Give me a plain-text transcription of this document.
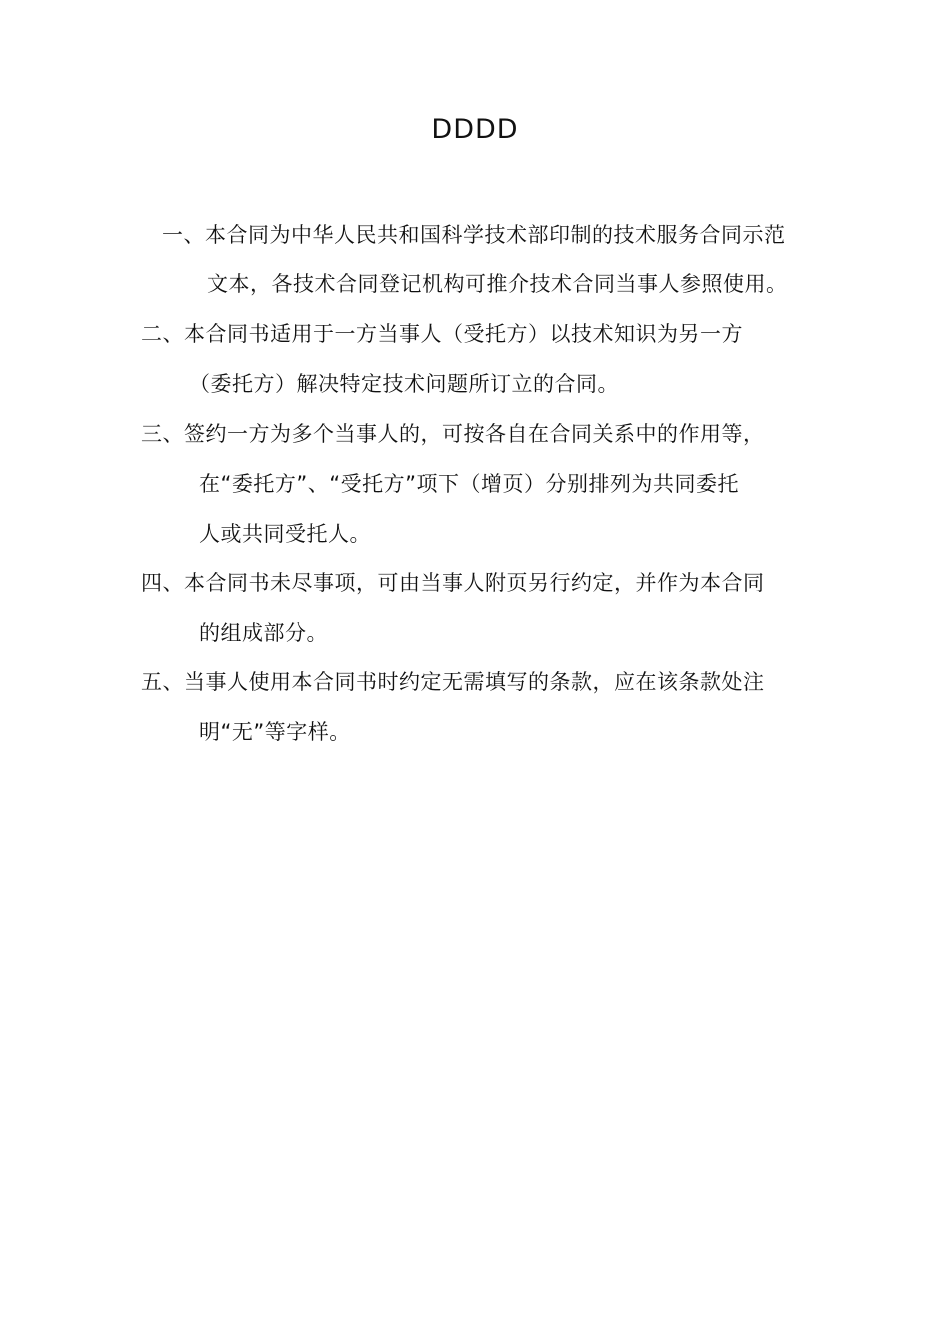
DDDD
一、本合同为中华人民共和国科学技术部印制的技术服务合同示范
文本，各技术合同登记机构可推介技术合同当事人参照使用。
二、本合同书适用于一方当事人（受托方）以技术知识为另一方
（委托方）解决特定技术问题所订立的合同。
三、签约一方为多个当事人的，可按各自在合同关系中的作用等，
在“委托方”、“受托方”项下（增页）分别排列为共同委托
人或共同受托人。
四、本合同书未尽事项，可由当事人附页另行约定，并作为本合同
的组成部分。
五、当事人使用本合同书时约定无需填写的条款，应在该条款处注
明“无”等字样。
